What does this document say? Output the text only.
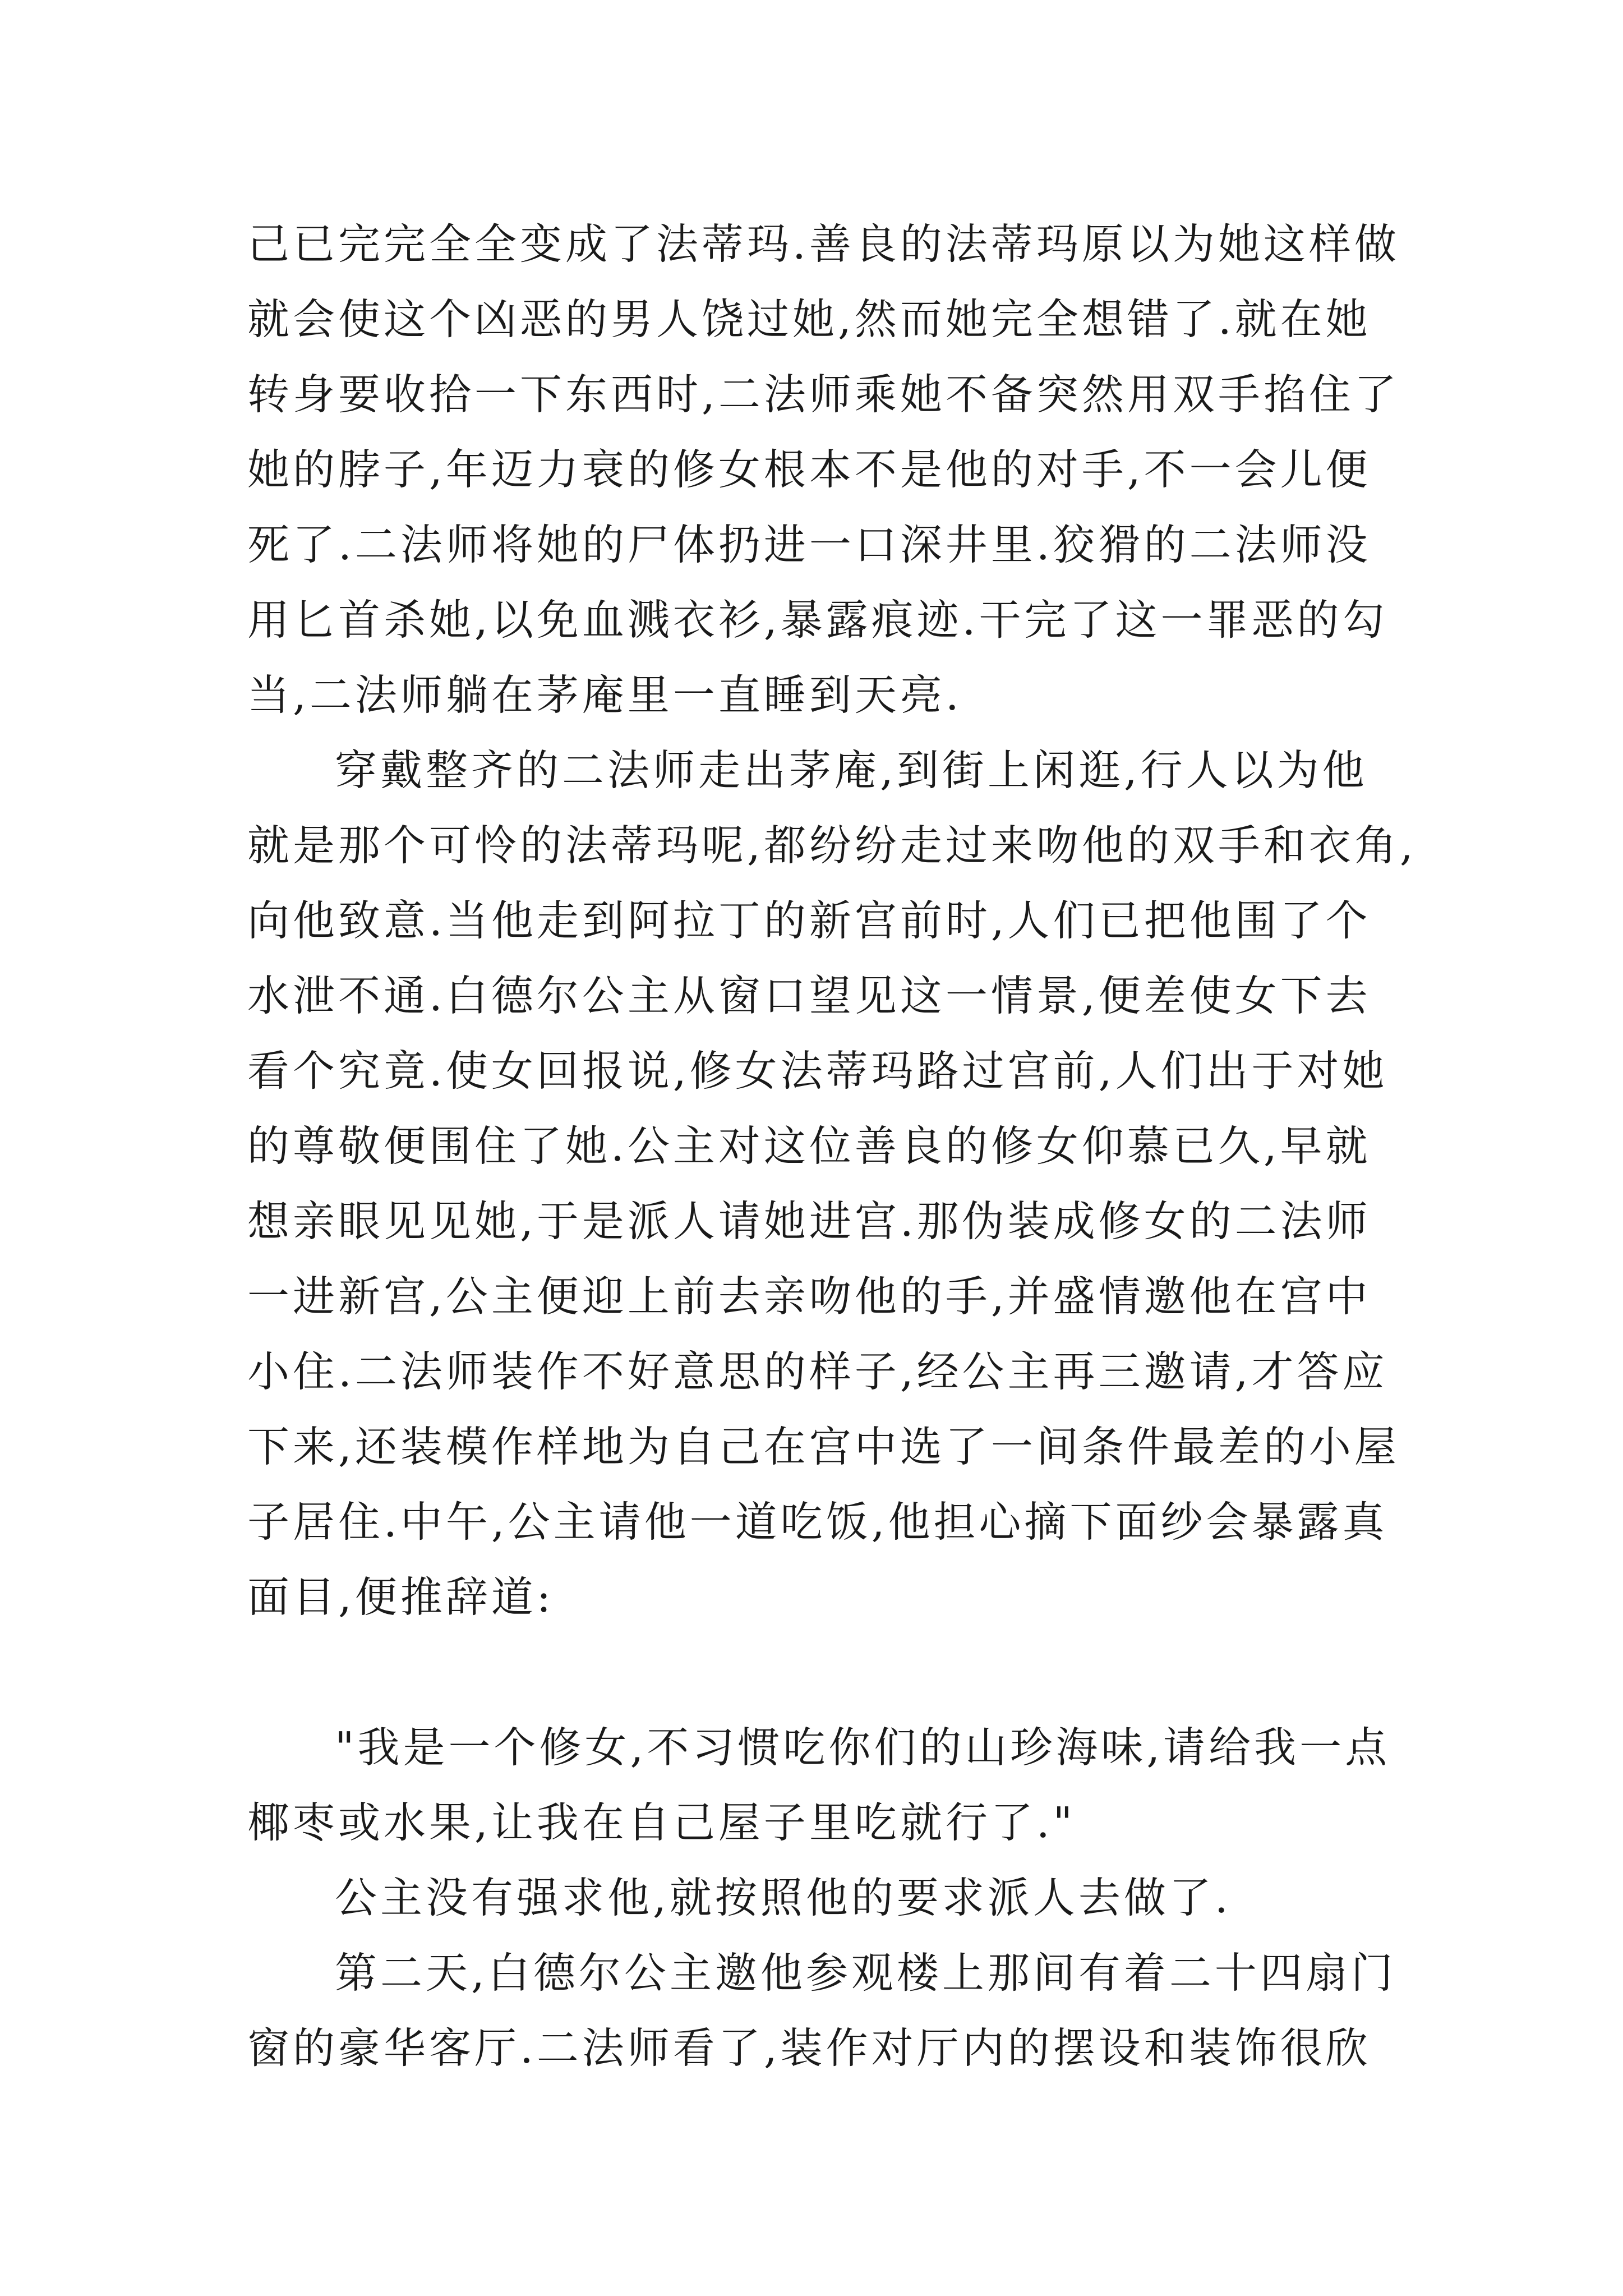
己已完完全全变成了法蒂玛.善良的法蒂玛原以为她这样做
就会使这个凶恶的男人饶过她,然而她完全想错了.就在她
转身要收拾一下东西时,二法师乘她不备突然用双手掐住了
她的脖子,年迈力衰的修女根本不是他的对手,不一会儿便
死了.二法师将她的尸体扔进一口深井里.狡猾的二法师没
用匕首杀她,以免血溅衣衫,暴露痕迹.干完了这一罪恶的勾
当,二法师躺在茅庵里一直睡到天亮.
穿戴整齐的二法师走出茅庵,到街上闲逛,行人以为他
就是那个可怜的法蒂玛呢,都纷纷走过来吻他的双手和衣角,
向他致意.当他走到阿拉丁的新宫前时,人们已把他围了个
水泄不通.白德尔公主从窗口望见这一情景,便差使女下去
看个究竟.使女回报说,修女法蒂玛路过宫前,人们出于对她
的尊敬便围住了她.公主对这位善良的修女仰慕已久,早就
想亲眼见见她,于是派人请她进宫.那伪装成修女的二法师
一进新宫,公主便迎上前去亲吻他的手,并盛情邀他在宫中
小住.二法师装作不好意思的样子,经公主再三邀请,才答应
下来,还装模作样地为自己在宫中选了一间条件最差的小屋
子居住.中午,公主请他一道吃饭,他担心摘下面纱会暴露真
面目,便推辞道:
"我是一个修女,不习惯吃你们的山珍海味,请给我一点
椰枣或水果,让我在自己屋子里吃就行了."
公主没有强求他,就按照他的要求派人去做了.
第二天,白德尔公主邀他参观楼上那间有着二十四扇门
窗的豪华客厅.二法师看了,装作对厅内的摆设和装饰很欣
